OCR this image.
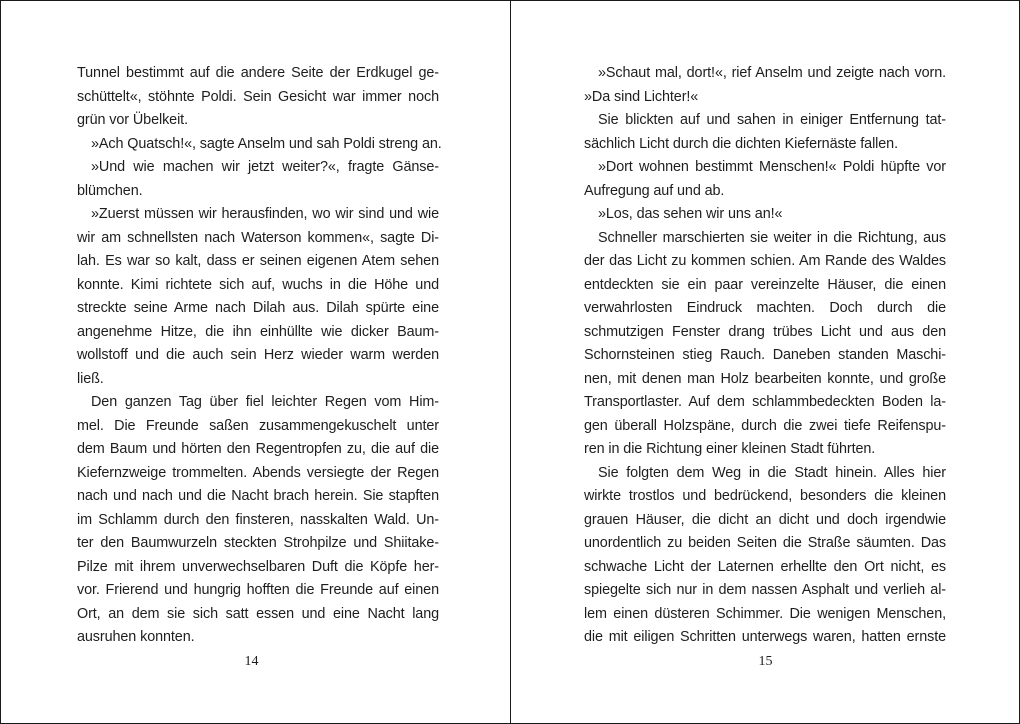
Tunnel bestimmt auf die andere Seite der Erdkugel ge-
schüttelt«, stöhnte Poldi. Sein Gesicht war immer noch
grün vor Übelkeit.
»Ach Quatsch!«, sagte Anselm und sah Poldi streng an.
»Und wie machen wir jetzt weiter?«, fragte Gänse-
blümchen.
»Zuerst müssen wir herausfinden, wo wir sind und wie
wir am schnellsten nach Waterson kommen«, sagte Di-
lah. Es war so kalt, dass er seinen eigenen Atem sehen
konnte. Kimi richtete sich auf, wuchs in die Höhe und
streckte seine Arme nach Dilah aus. Dilah spürte eine
angenehme Hitze, die ihn einhüllte wie dicker Baum-
wollstoff und die auch sein Herz wieder warm werden
ließ.
Den ganzen Tag über fiel leichter Regen vom Him-
mel. Die Freunde saßen zusammengekuschelt unter
dem Baum und hörten den Regentropfen zu, die auf die
Kiefernzweige trommelten. Abends versiegte der Regen
nach und nach und die Nacht brach herein. Sie stapften
im Schlamm durch den finsteren, nasskalten Wald. Un-
ter den Baumwurzeln steckten Strohpilze und Shiitake-
Pilze mit ihrem unverwechselbaren Duft die Köpfe her-
vor. Frierend und hungrig hofften die Freunde auf einen
Ort, an dem sie sich satt essen und eine Nacht lang
ausruhen konnten.
14
»Schaut mal, dort!«, rief Anselm und zeigte nach vorn.
»Da sind Lichter!«
Sie blickten auf und sahen in einiger Entfernung tat-
sächlich Licht durch die dichten Kiefernäste fallen.
»Dort wohnen bestimmt Menschen!« Poldi hüpfte vor
Aufregung auf und ab.
»Los, das sehen wir uns an!«
Schneller marschierten sie weiter in die Richtung, aus
der das Licht zu kommen schien. Am Rande des Waldes
entdeckten sie ein paar vereinzelte Häuser, die einen
verwahrlosten Eindruck machten. Doch durch die
schmutzigen Fenster drang trübes Licht und aus den
Schornsteinen stieg Rauch. Daneben standen Maschi-
nen, mit denen man Holz bearbeiten konnte, und große
Transportlaster. Auf dem schlammbedeckten Boden la-
gen überall Holzspäne, durch die zwei tiefe Reifenspu-
ren in die Richtung einer kleinen Stadt führten.
Sie folgten dem Weg in die Stadt hinein. Alles hier
wirkte trostlos und bedrückend, besonders die kleinen
grauen Häuser, die dicht an dicht und doch irgendwie
unordentlich zu beiden Seiten die Straße säumten. Das
schwache Licht der Laternen erhellte den Ort nicht, es
spiegelte sich nur in dem nassen Asphalt und verlieh al-
lem einen düsteren Schimmer. Die wenigen Menschen,
die mit eiligen Schritten unterwegs waren, hatten ernste
15
